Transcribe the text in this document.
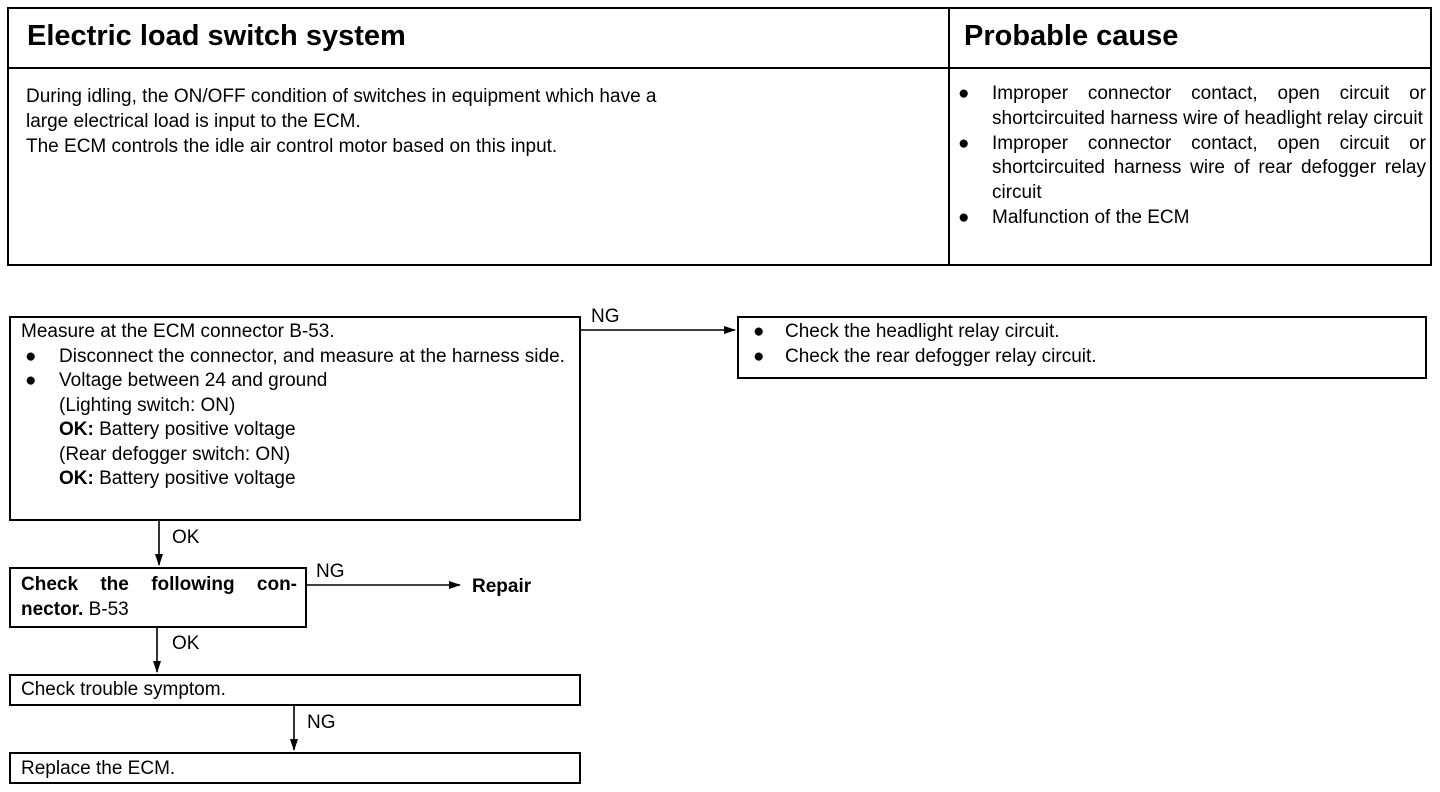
Electric load switch system	Probable cause

During idling, the ON/OFF condition of switches in equipment which have a

large electrical load is input to the ECM.

The ECM controls the idle air control motor based on this input.

● Improper connector contact, open circuit or shortcircuited harness wire of headlight relay circuit
● Improper connector contact, open circuit or shortcircuited harness wire of rear defogger relay circuit
● Malfunction of the ECM
Measure at the ECM connector B-53.
● Disconnect the connector, and measure at the harness side.
● Voltage between 24 and ground
(Lighting switch: ON)
OK: Battery positive voltage
(Rear defogger switch: ON)
OK: Battery positive voltage
NG
● Check the headlight relay circuit.
● Check the rear defogger relay circuit.
OK
Check the following con-
nector. B-53
NG
Repair
OK
Check trouble symptom.
NG
Replace the ECM.
